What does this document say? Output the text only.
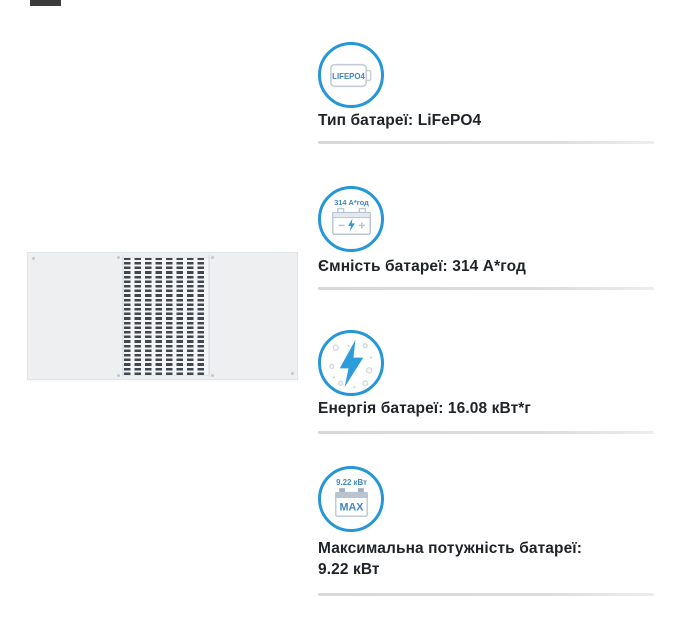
LIFEPO4
Тип батареї: LiFePO4
314 А*год
Ємність батареї: 314 А*год
Енергія батареї: 16.08 кВт*г
9.22 кВт
MAX
Максимальна потужність батареї:
9.22 кВт
